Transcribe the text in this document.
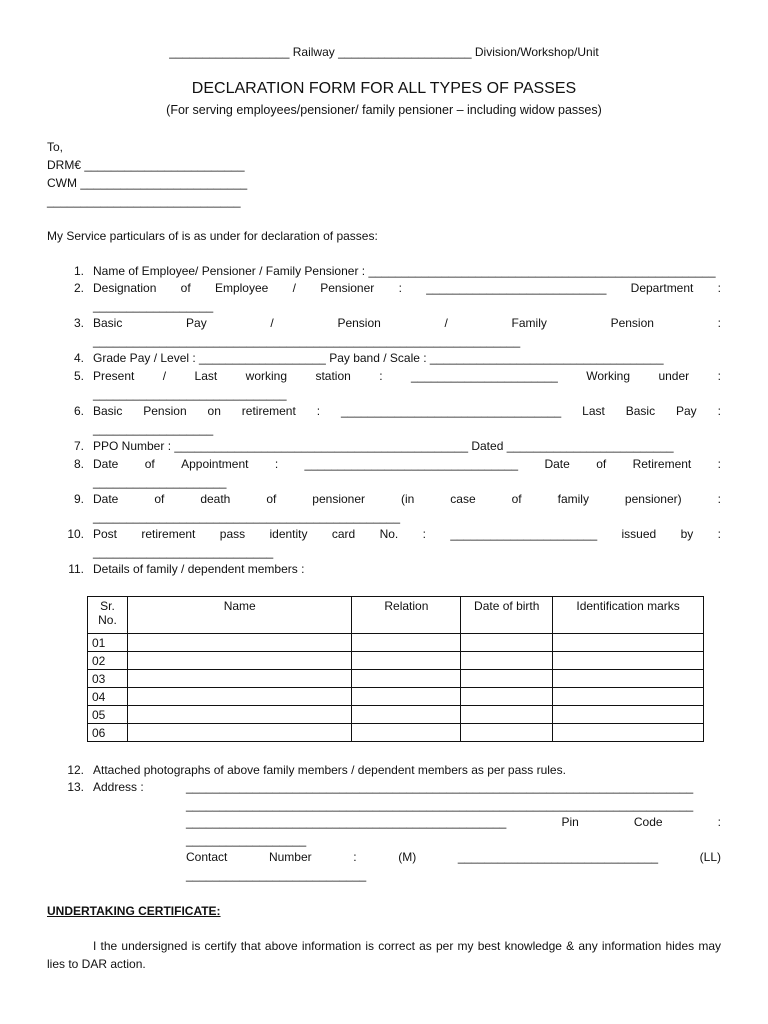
__________________ Railway ____________________ Division/Workshop/Unit
DECLARATION FORM FOR ALL TYPES OF PASSES
(For serving employees/pensioner/ family pensioner – including widow passes)
To,
DRM€ ________________________
CWM _________________________
_____________________________
My Service particulars of is as under for declaration of passes:
1. Name of Employee/ Pensioner / Family Pensioner : ____________________________________________________
2. Designation of Employee / Pensioner : ___________________________ Department :
__________________
3. Basic	Pay	/	Pension	/	Family	Pension	:
________________________________________________________________
4. Grade Pay / Level : ___________________ Pay band / Scale : ___________________________________
5. Present / Last working station : ______________________ Working under :
_____________________________
6. Basic Pension on retirement : _________________________________ Last Basic Pay :
__________________
7. PPO Number : ____________________________________________ Dated _________________________
8. Date of Appointment : ________________________________ Date of Retirement :
____________________
9. Date	of	death	of	pensioner	(in	case	of	family	pensioner)	:
______________________________________________
10. Post retirement pass identity card No. : ______________________ issued by :
___________________________
11. Details of family / dependent members :
Sr. No.	Name	Relation	Date of birth	Identification marks
01				
02				
03				
04				
05				
06				
12. Attached photographs of above family members / dependent members as per pass rules.
13. Address :	____________________________________________________________________________
____________________________________________________________________________
________________________________________________	Pin	Code	:
__________________
Contact	Number	:	(M)	______________________________	(LL)
___________________________
UNDERTAKING CERTIFICATE:
I the undersigned is certify that above information is correct as per my best knowledge & any information hides may lies to DAR action.
